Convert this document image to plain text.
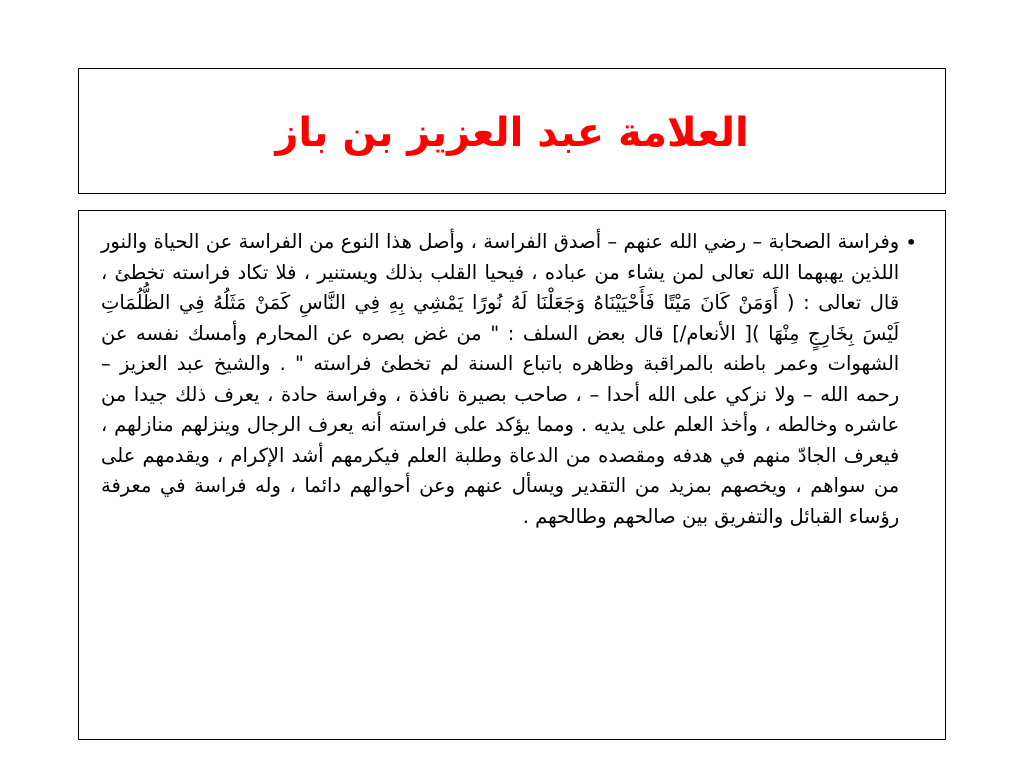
العلامة عبد العزيز بن باز
•

وفراسة الصحابة – رضي الله عنهم – أصدق الفراسة ، وأصل هذا النوع من الفراسة عن الحياة والنور اللذين يهبهما الله تعالى لمن يشاء من عباده ، فيحيا القلب بذلك ويستنير ، فلا تكاد فراسته تخطئ ، قال تعالى : ( أَوَمَنْ كَانَ مَيْتًا فَأَحْيَيْنَاهُ وَجَعَلْنَا لَهُ نُورًا يَمْشِي بِهِ فِي النَّاسِ كَمَنْ مَثَلُهُ فِي الظُّلُمَاتِ لَيْسَ بِخَارِجٍ مِنْهَا )[ الأنعام/] قال بعض السلف : " من غض بصره عن المحارم وأمسك نفسه عن الشهوات وعمر باطنه بالمراقبة وظاهره باتباع السنة لم تخطئ فراسته " . والشيخ عبد العزيز – رحمه الله – ولا نزكي على الله أحدا – ، صاحب بصيرة نافذة ، وفراسة حادة ، يعرف ذلك جيدا من عاشره وخالطه ، وأخذ العلم على يديه . ومما يؤكد على فراسته أنه يعرف الرجال وينزلهم منازلهم ، فيعرف الجادّ منهم في هدفه ومقصده من الدعاة وطلبة العلم فيكرمهم أشد الإكرام ، ويقدمهم على من سواهم ، ويخصهم بمزيد من التقدير ويسأل عنهم وعن أحوالهم دائما ، وله فراسة في معرفة رؤساء القبائل والتفريق بين صالحهم وطالحهم .
